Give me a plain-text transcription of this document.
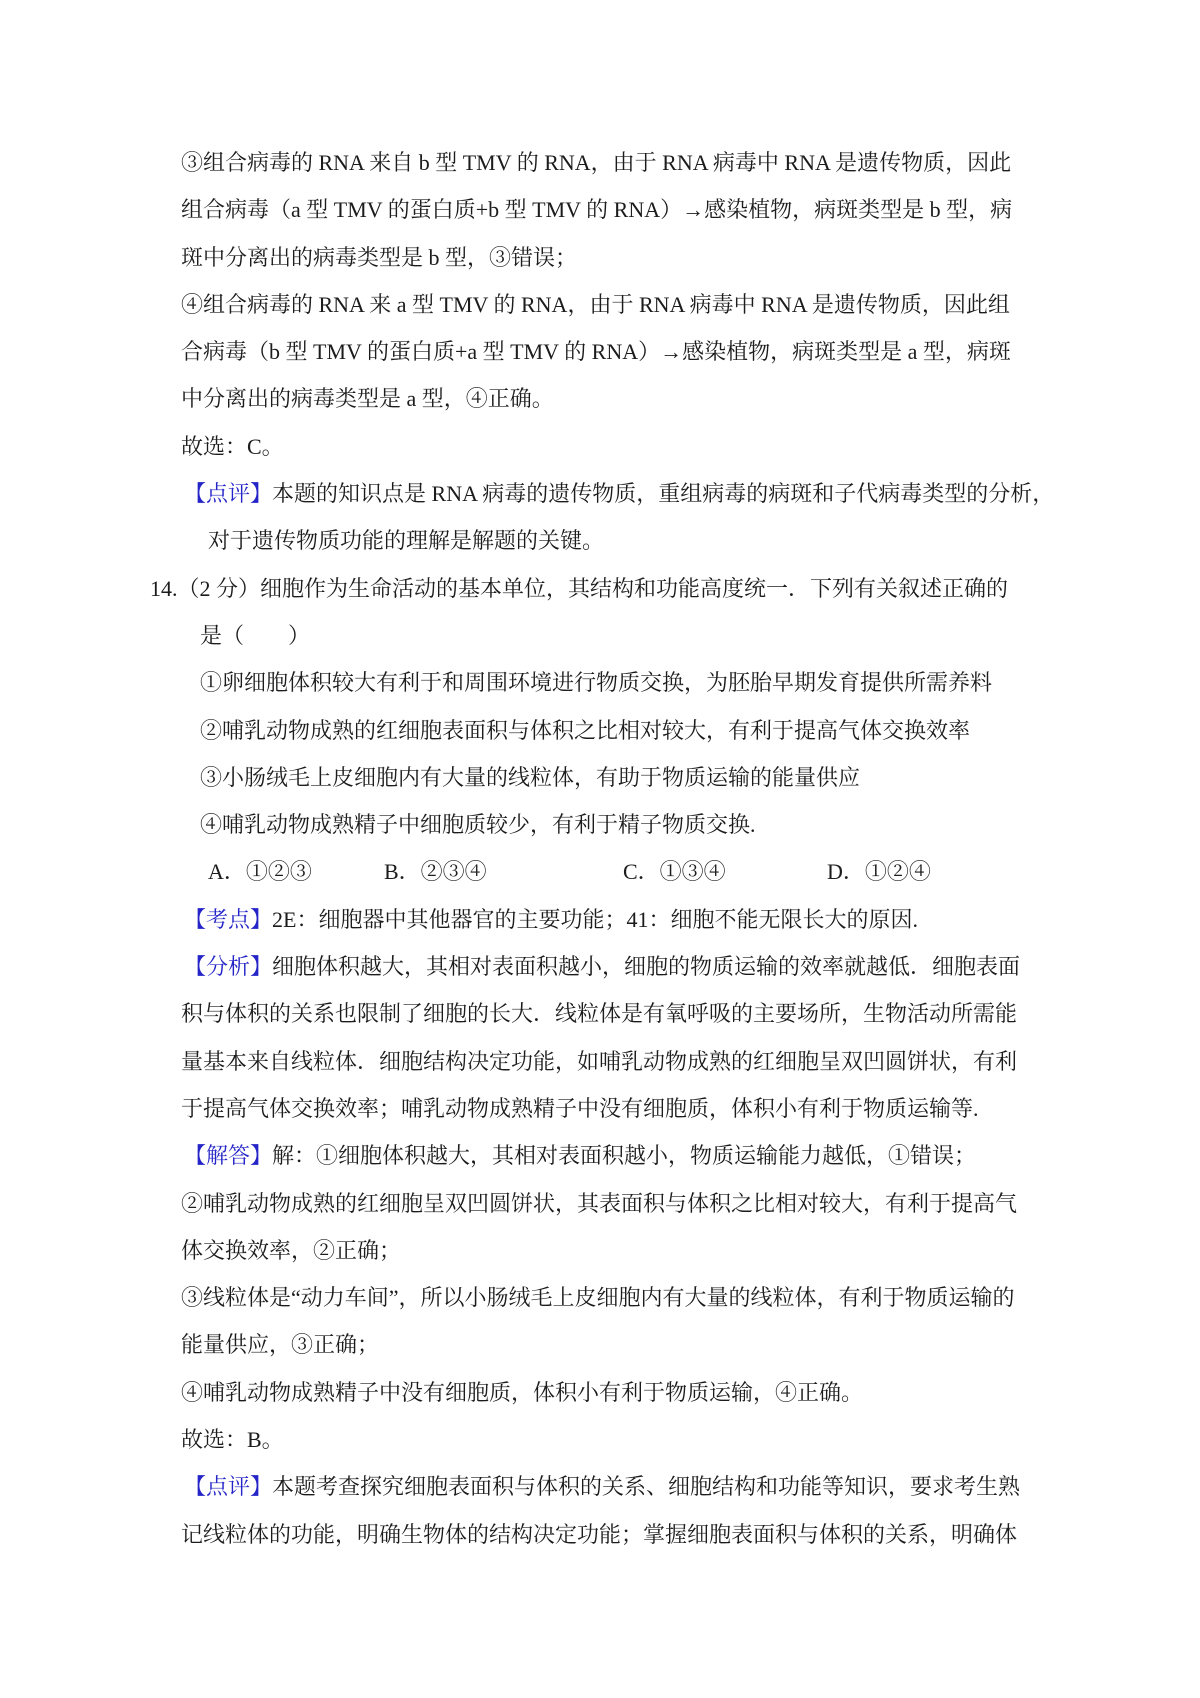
③组合病毒的 RNA 来自 b 型 TMV 的 RNA，由于 RNA 病毒中 RNA 是遗传物质，因此
组合病毒（a 型 TMV 的蛋白质+b 型 TMV 的 RNA）→感染植物，病斑类型是 b 型，病
斑中分离出的病毒类型是 b 型，③错误；
④组合病毒的 RNA 来 a 型 TMV 的 RNA，由于 RNA 病毒中 RNA 是遗传物质，因此组
合病毒（b 型 TMV 的蛋白质+a 型 TMV 的 RNA）→感染植物，病斑类型是 a 型，病斑
中分离出的病毒类型是 a 型，④正确。
故选：C。
【点评】本题的知识点是 RNA 病毒的遗传物质，重组病毒的病斑和子代病毒类型的分析，
对于遗传物质功能的理解是解题的关键。
14.（2 分）细胞作为生命活动的基本单位，其结构和功能高度统一．下列有关叙述正确的
是（　　）
①卵细胞体积较大有利于和周围环境进行物质交换，为胚胎早期发育提供所需养料
②哺乳动物成熟的红细胞表面积与体积之比相对较大，有利于提高气体交换效率
③小肠绒毛上皮细胞内有大量的线粒体，有助于物质运输的能量供应
④哺乳动物成熟精子中细胞质较少，有利于精子物质交换.
A．①②③	B．②③④	C．①③④	D．①②④
【考点】2E：细胞器中其他器官的主要功能；41：细胞不能无限长大的原因.
【分析】细胞体积越大，其相对表面积越小，细胞的物质运输的效率就越低．细胞表面
积与体积的关系也限制了细胞的长大．线粒体是有氧呼吸的主要场所，生物活动所需能
量基本来自线粒体．细胞结构决定功能，如哺乳动物成熟的红细胞呈双凹圆饼状，有利
于提高气体交换效率；哺乳动物成熟精子中没有细胞质，体积小有利于物质运输等.
【解答】解：①细胞体积越大，其相对表面积越小，物质运输能力越低，①错误；
②哺乳动物成熟的红细胞呈双凹圆饼状，其表面积与体积之比相对较大，有利于提高气
体交换效率，②正确；
③线粒体是“动力车间”，所以小肠绒毛上皮细胞内有大量的线粒体，有利于物质运输的
能量供应，③正确；
④哺乳动物成熟精子中没有细胞质，体积小有利于物质运输，④正确。
故选：B。
【点评】本题考查探究细胞表面积与体积的关系、细胞结构和功能等知识，要求考生熟
记线粒体的功能，明确生物体的结构决定功能；掌握细胞表面积与体积的关系，明确体
